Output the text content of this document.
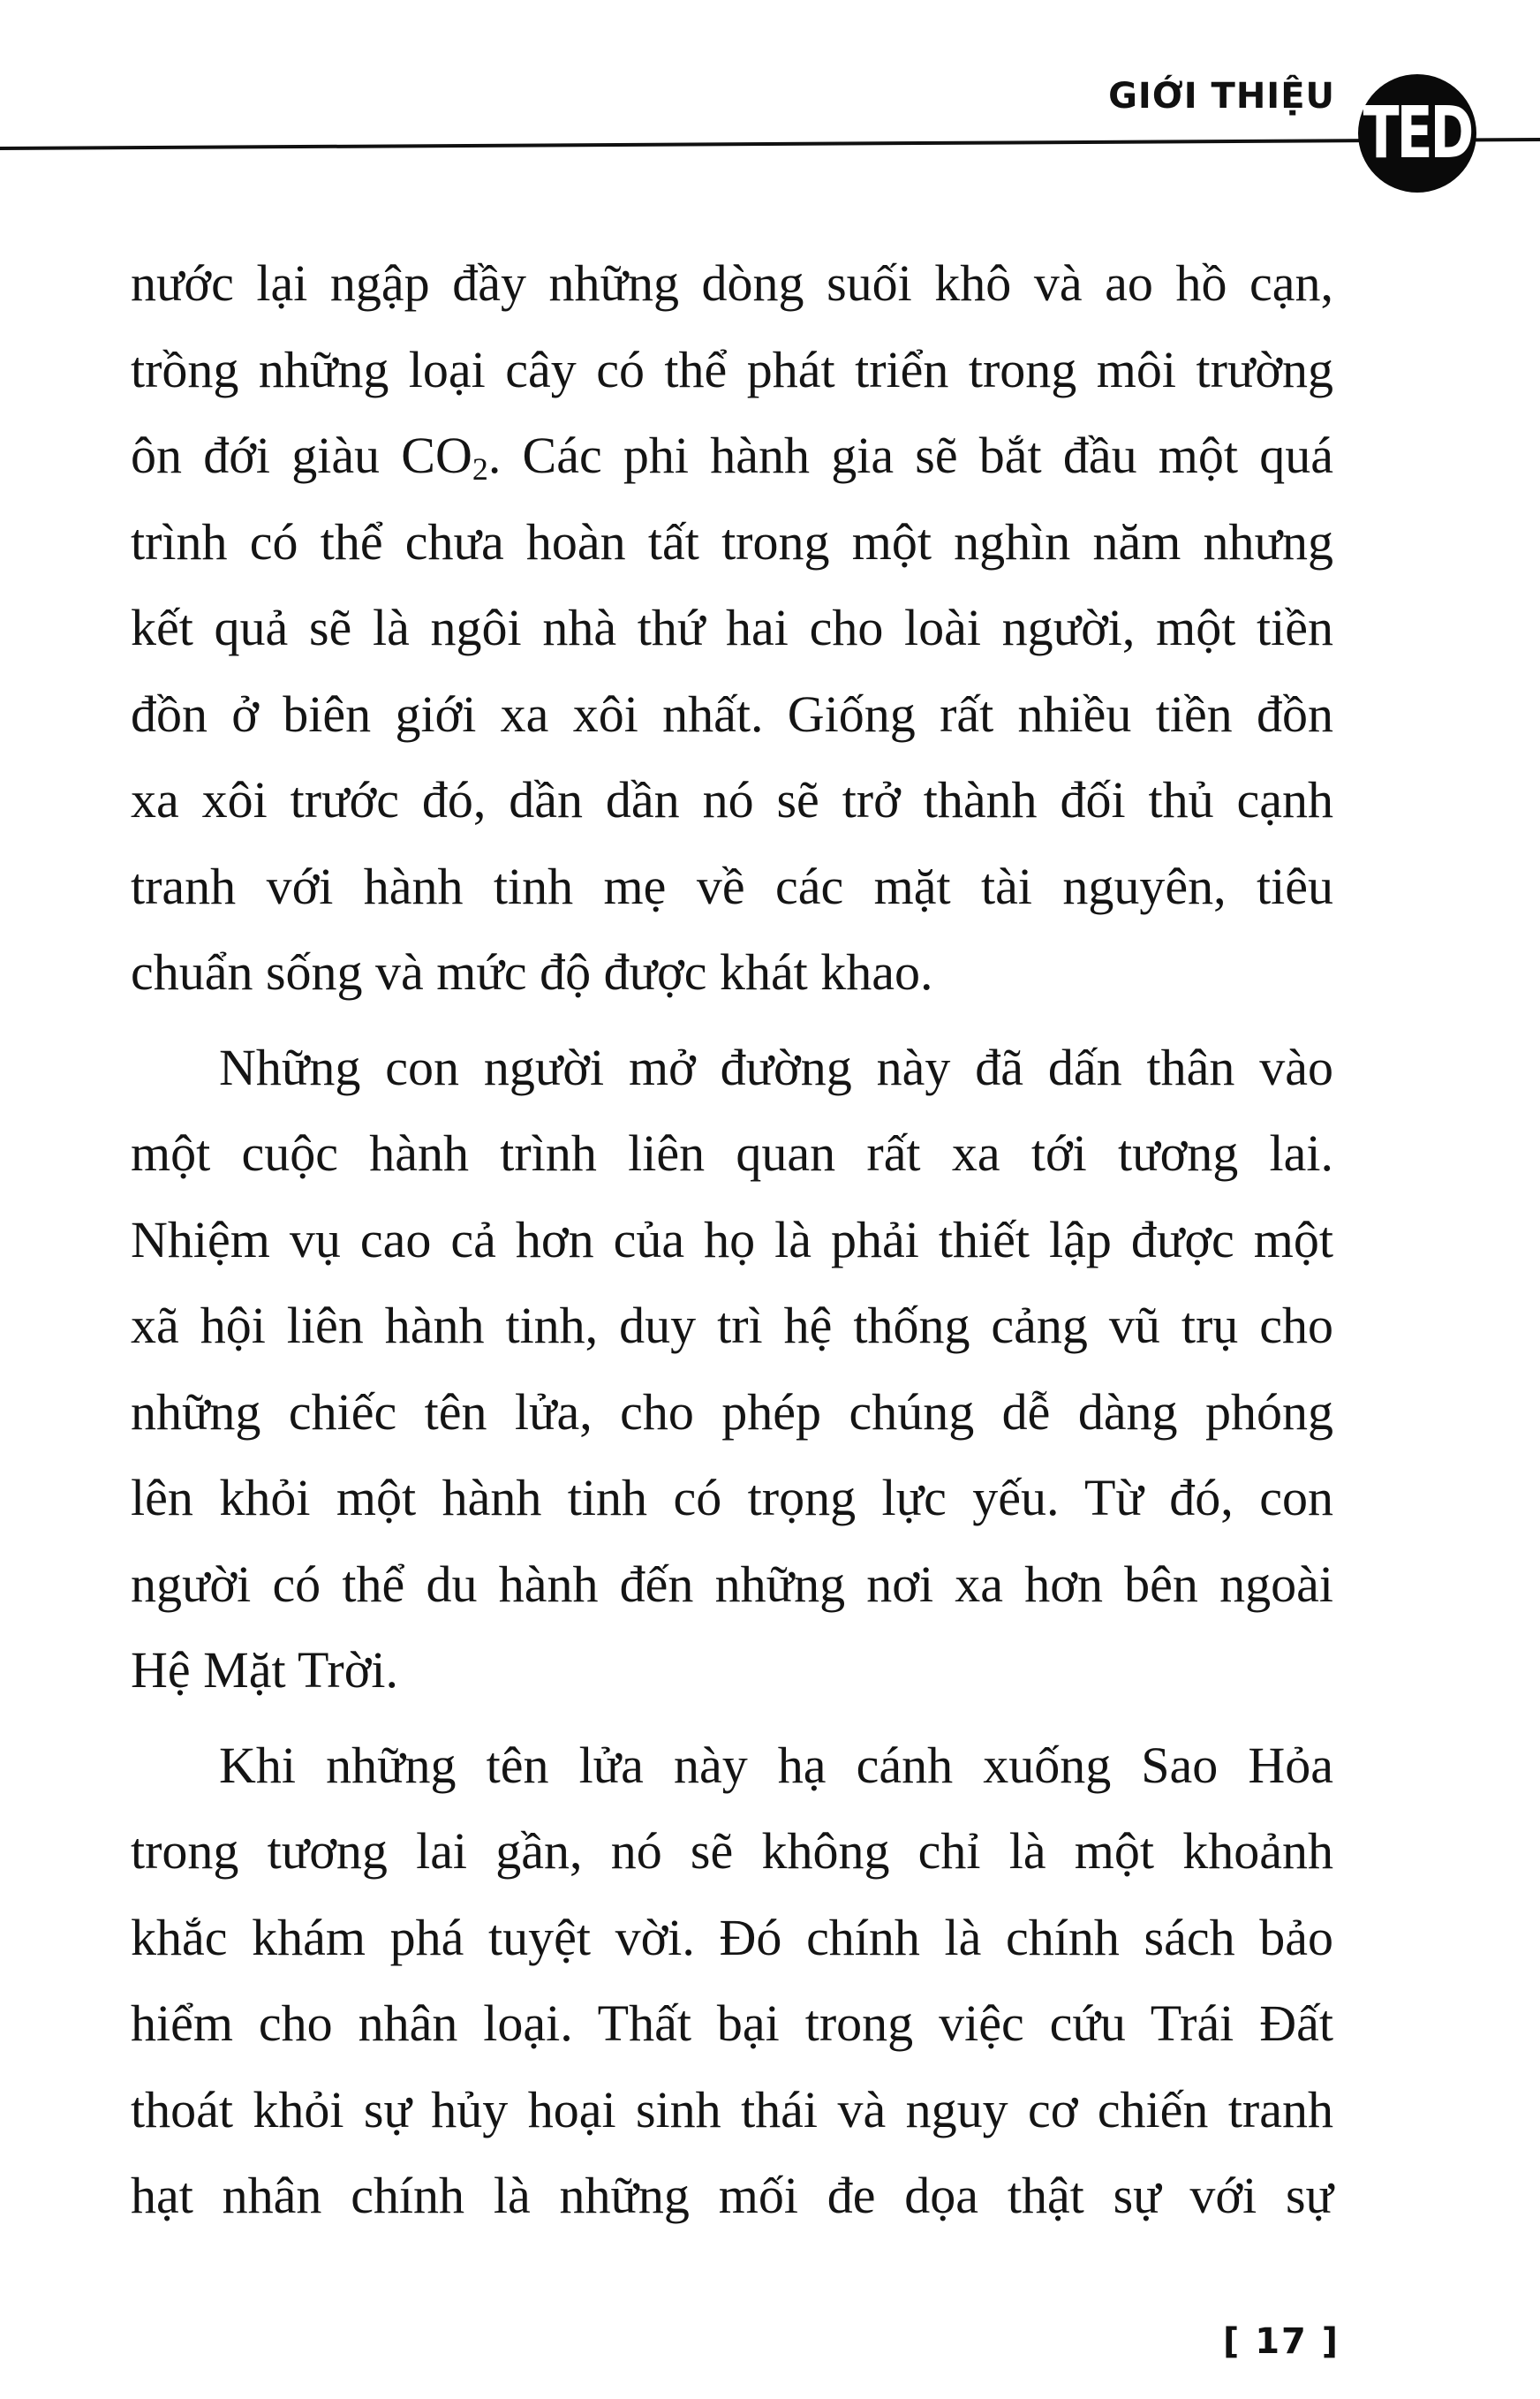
GIỚI THIỆU TED
nước lại ngập đầy những dòng suối khô và ao hồ cạn,
trồng những loại cây có thể phát triển trong môi trường
ôn đới giàu $CO_2$. Các phi hành gia sẽ bắt đầu một quá
trình có thể chưa hoàn tất trong một nghìn năm nhưng
kết quả sẽ là ngôi nhà thứ hai cho loài người, một tiền
đồn ở biên giới xa xôi nhất. Giống rất nhiều tiền đồn
xa xôi trước đó, dần dần nó sẽ trở thành đối thủ cạnh
tranh với hành tinh mẹ về các mặt tài nguyên, tiêu
chuẩn sống và mức độ được khát khao.
Những con người mở đường này đã dấn thân vào
một cuộc hành trình liên quan rất xa tới tương lai.
Nhiệm vụ cao cả hơn của họ là phải thiết lập được một
xã hội liên hành tinh, duy trì hệ thống cảng vũ trụ cho
những chiếc tên lửa, cho phép chúng dễ dàng phóng
lên khỏi một hành tinh có trọng lực yếu. Từ đó, con
người có thể du hành đến những nơi xa hơn bên ngoài
Hệ Mặt Trời.
Khi những tên lửa này hạ cánh xuống Sao Hỏa
trong tương lai gần, nó sẽ không chỉ là một khoảnh
khắc khám phá tuyệt vời. Đó chính là chính sách bảo
hiểm cho nhân loại. Thất bại trong việc cứu Trái Đất
thoát khỏi sự hủy hoại sinh thái và nguy cơ chiến tranh
hạt nhân chính là những mối đe dọa thật sự với sự
[ 17 ]
